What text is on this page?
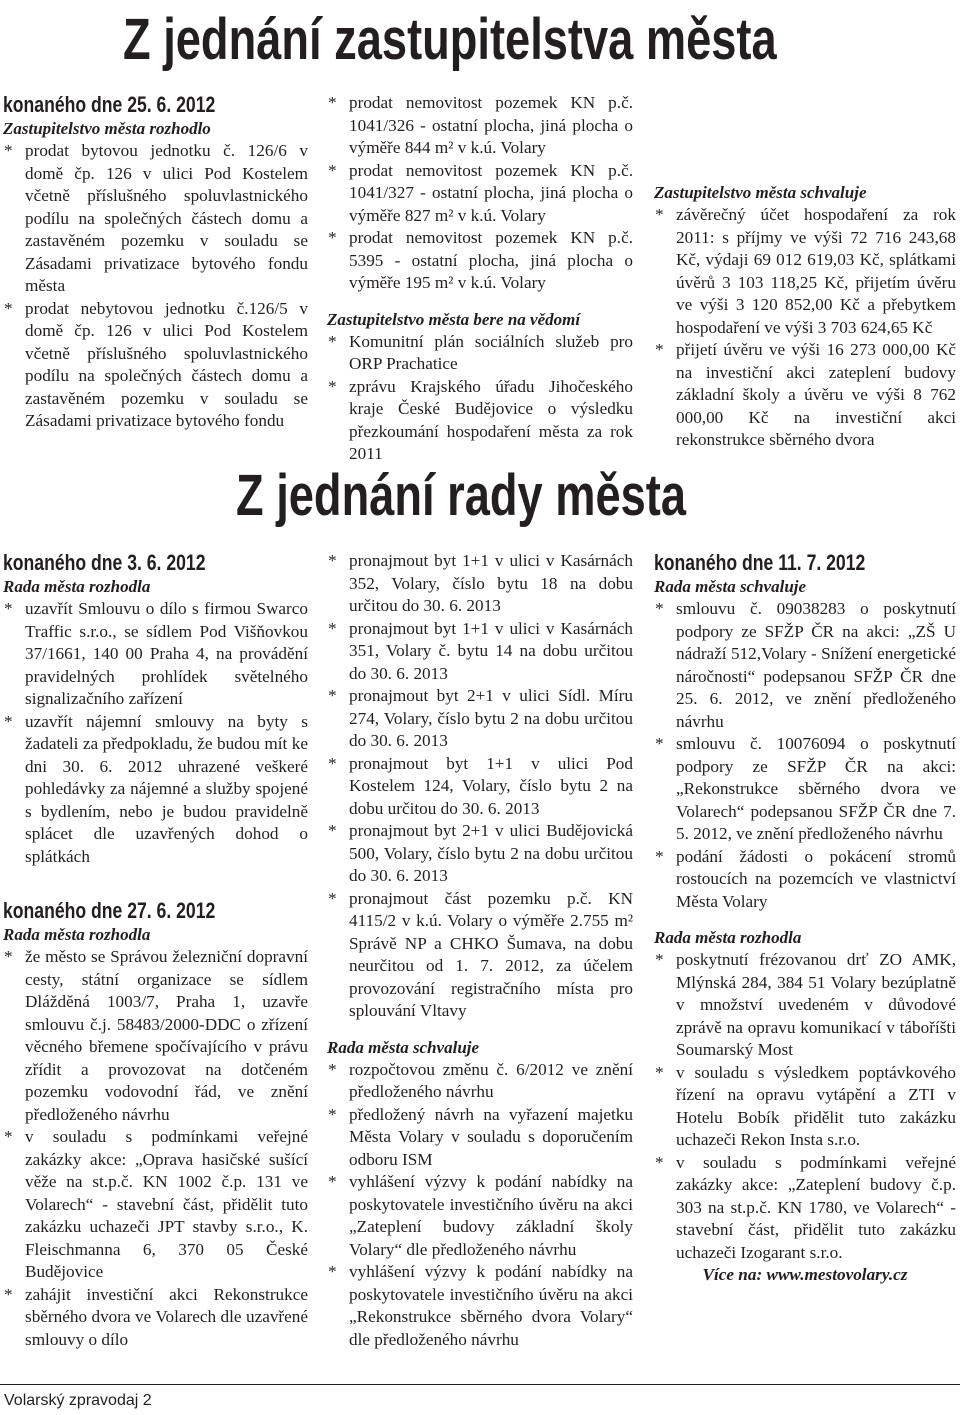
Z jednání zastupitelstva města
konaného dne 25. 6. 2012
Zastupitelstvo města rozhodlo
* prodat bytovou jednotku č. 126/6 v domě čp. 126 v ulici Pod Kostelem včetně příslušného spoluvlastnického podílu na společných částech domu a zastavěném pozemku v souladu se Zásadami privatizace bytového fondu města
* prodat nebytovou jednotku č.126/5 v domě čp. 126 v ulici Pod Kostelem včetně příslušného spoluvlastnického podílu na společných částech domu a zastavěném pozemku v souladu se Zásadami privatizace bytového fondu
* prodat nemovitost pozemek KN p.č. 1041/326 - ostatní plocha, jiná plocha o výměře 844 m² v k.ú. Volary
* prodat nemovitost pozemek KN p.č. 1041/327 - ostatní plocha, jiná plocha o výměře 827 m² v k.ú. Volary
* prodat nemovitost pozemek KN p.č. 5395 - ostatní plocha, jiná plocha o výměře 195 m² v k.ú. Volary
Zastupitelstvo města bere na vědomí
* Komunitní plán sociálních služeb pro ORP Prachatice
* zprávu Krajského úřadu Jihočeského kraje České Budějovice o výsledku přezkoumání hospodaření města za rok 2011
Zastupitelstvo města schvaluje
* závěrečný účet hospodaření za rok 2011: s příjmy ve výši 72 716 243,68 Kč, výdaji 69 012 619,03 Kč, splátkami úvěrů 3 103 118,25 Kč, přijetím úvěru ve výši 3 120 852,00 Kč a přebytkem hospodaření ve výši 3 703 624,65 Kč
* přijetí úvěru ve výši 16 273 000,00 Kč na investiční akci zateplení budovy základní školy a úvěru ve výši 8 762 000,00 Kč na investiční akci rekonstrukce sběrného dvora
Z jednání rady města
konaného dne 3. 6. 2012
Rada města rozhodla
* uzavřít Smlouvu o dílo s firmou Swarco Traffic s.r.o., se sídlem Pod Višňovkou 37/1661, 140 00 Praha 4, na provádění pravidelných prohlídek světelného signalizačního zařízení
* uzavřít nájemní smlouvy na byty s žadateli za předpokladu, že budou mít ke dni 30. 6. 2012 uhrazené veškeré pohledávky za nájemné a služby spojené s bydlením, nebo je budou pravidelně splácet dle uzavřených dohod o splátkách
konaného dne 27. 6. 2012
Rada města rozhodla
* že město se Správou železniční dopravní cesty, státní organizace se sídlem Dlážděná 1003/7, Praha 1, uzavře smlouvu č.j. 58483/2000-DDC o zřízení věcného břemene spočívajícího v právu zřídit a provozovat na dotčeném pozemku vodovodní řád, ve znění předloženého návrhu
* v souladu s podmínkami veřejné zakázky akce: „Oprava hasičské sušící věže na st.p.č. KN 1002 č.p. 131 ve Volarech“ - stavební část, přidělit tuto zakázku uchazeči JPT stavby s.r.o., K. Fleischmanna 6, 370 05 České Budějovice
* zahájit investiční akci Rekonstrukce sběrného dvora ve Volarech dle uzavřené smlouvy o dílo
* pronajmout byt 1+1 v ulici v Kasárnách 352, Volary, číslo bytu 18 na dobu určitou do 30. 6. 2013
* pronajmout byt 1+1 v ulici v Kasárnách 351, Volary č. bytu 14 na dobu určitou do 30. 6. 2013
* pronajmout byt 2+1 v ulici Sídl. Míru 274, Volary, číslo bytu 2 na dobu určitou do 30. 6. 2013
* pronajmout byt 1+1 v ulici Pod Kostelem 124, Volary, číslo bytu 2 na dobu určitou do 30. 6. 2013
* pronajmout byt 2+1 v ulici Budějovická 500, Volary, číslo bytu 2 na dobu určitou do 30. 6. 2013
* pronajmout část pozemku p.č. KN 4115/2 v k.ú. Volary o výměře 2.755 m² Správě NP a CHKO Šumava, na dobu neurčitou od 1. 7. 2012, za účelem provozování registračního místa pro splouvání Vltavy
Rada města schvaluje
* rozpočtovou změnu č. 6/2012 ve znění předloženého návrhu
* předložený návrh na vyřazení majetku Města Volary v souladu s doporučením odboru ISM
* vyhlášení výzvy k podání nabídky na poskytovatele investičního úvěru na akci „Zateplení budovy základní školy Volary“ dle předloženého návrhu
* vyhlášení výzvy k podání nabídky na poskytovatele investičního úvěru na akci „Rekonstrukce sběrného dvora Volary“ dle předloženého návrhu
konaného dne 11. 7. 2012
Rada města schvaluje
* smlouvu č. 09038283 o poskytnutí podpory ze SFŽP ČR na akci: „ZŠ U nádraží 512,Volary - Snížení energetické náročnosti“ podepsanou SFŽP ČR dne 25. 6. 2012, ve znění předloženého návrhu
* smlouvu č. 10076094 o poskytnutí podpory ze SFŽP ČR na akci: „Rekonstrukce sběrného dvora ve Volarech“ podepsanou SFŽP ČR dne 7. 5. 2012, ve znění předloženého návrhu
* podání žádosti o pokácení stromů rostoucích na pozemcích ve vlastnictví Města Volary
Rada města rozhodla
* poskytnutí frézovanou drť ZO AMK, Mlýnská 284, 384 51 Volary bezúplatně v množství uvedeném v důvodové zprávě na opravu komunikací v táboříšti Soumarský Most
* v souladu s výsledkem poptávkového řízení na opravu vytápění a ZTI v Hotelu Bobík přidělit tuto zakázku uchazeči Rekon Insta s.r.o.
* v souladu s podmínkami veřejné zakázky akce: „Zateplení budovy č.p. 303 na st.p.č. KN 1780, ve Volarech“ - stavební část, přidělit tuto zakázku uchazeči Izogarant s.r.o.

Více na: www.mestovolary.cz

Volarský zpravodaj 2
